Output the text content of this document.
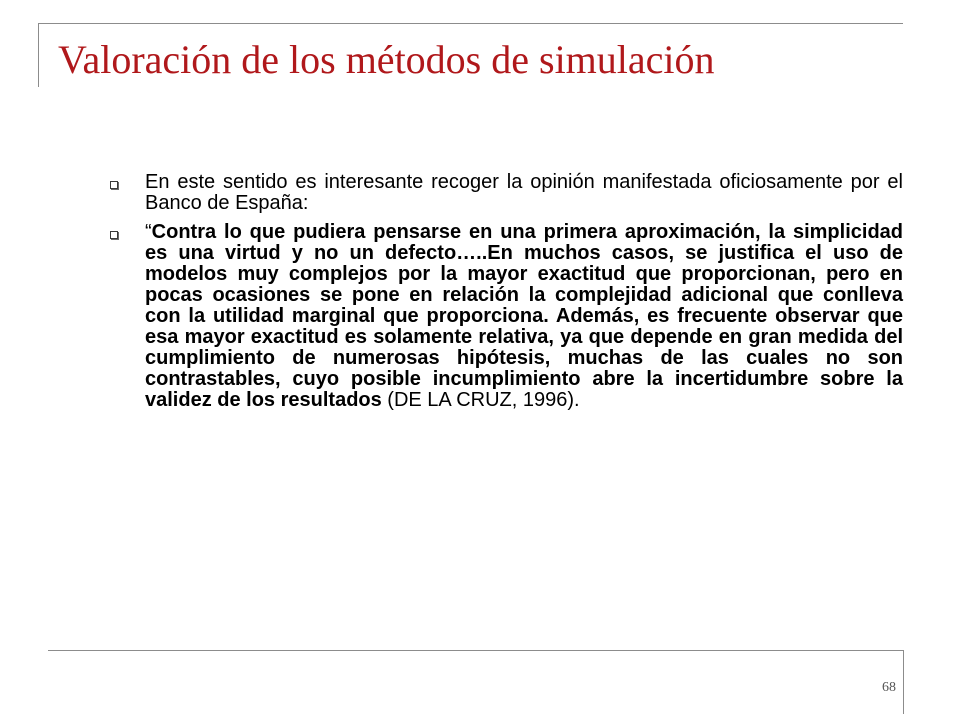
Valoración de los métodos de simulación
En este sentido es interesante recoger la opinión manifestada oficiosamente por el Banco de España:
“Contra lo que pudiera pensarse en una primera aproximación, la simplicidad es una virtud y no un defecto…..En muchos casos, se justifica el uso de modelos muy complejos por la mayor exactitud que proporcionan, pero en pocas ocasiones se pone en relación la complejidad adicional que conlleva con la utilidad marginal que proporciona. Además, es frecuente observar que esa mayor exactitud es solamente relativa, ya que depende en gran medida del cumplimiento de numerosas hipótesis, muchas de las cuales no son contrastables, cuyo posible incumplimiento abre la incertidumbre sobre la validez de los resultados (DE LA CRUZ, 1996).
68
